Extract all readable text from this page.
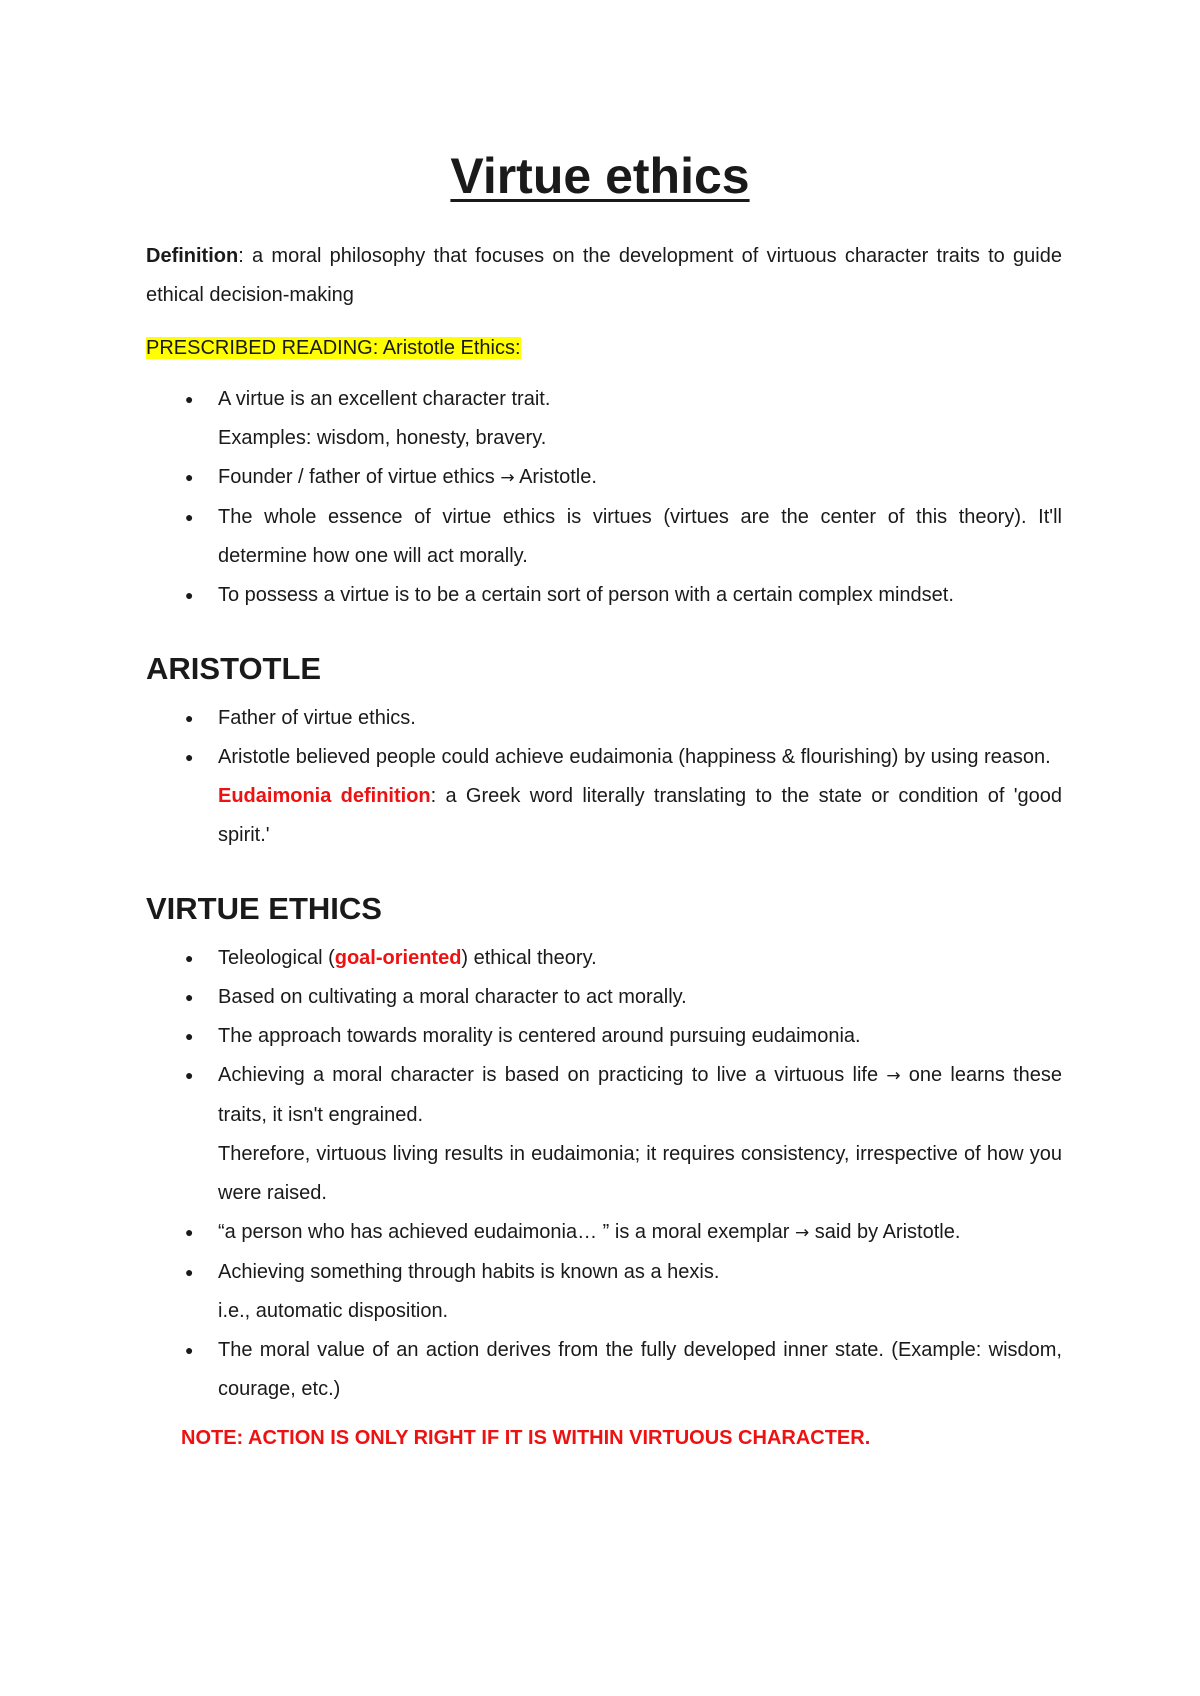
Virtue ethics

Definition: a moral philosophy that focuses on the development of virtuous character traits to guide ethical decision-making

PRESCRIBED READING: Aristotle Ethics:

● A virtue is an excellent character trait.
Examples: wisdom, honesty, bravery.
● Founder / father of virtue ethics → Aristotle.
● The whole essence of virtue ethics is virtues (virtues are the center of this theory). It'll determine how one will act morally.
● To possess a virtue is to be a certain sort of person with a certain complex mindset.
ARISTOTLE
● Father of virtue ethics.
● Aristotle believed people could achieve eudaimonia (happiness & flourishing) by using reason.
Eudaimonia definition: a Greek word literally translating to the state or condition of 'good spirit.'
VIRTUE ETHICS
● Teleological (goal-oriented) ethical theory.
● Based on cultivating a moral character to act morally.
● The approach towards morality is centered around pursuing eudaimonia.
● Achieving a moral character is based on practicing to live a virtuous life → one learns these traits, it isn't engrained.
Therefore, virtuous living results in eudaimonia; it requires consistency, irrespective of how you were raised.
● “a person who has achieved eudaimonia… ” is a moral exemplar → said by Aristotle.
● Achieving something through habits is known as a hexis.
i.e., automatic disposition.
● The moral value of an action derives from the fully developed inner state. (Example: wisdom, courage, etc.)

NOTE: ACTION IS ONLY RIGHT IF IT IS WITHIN VIRTUOUS CHARACTER.
